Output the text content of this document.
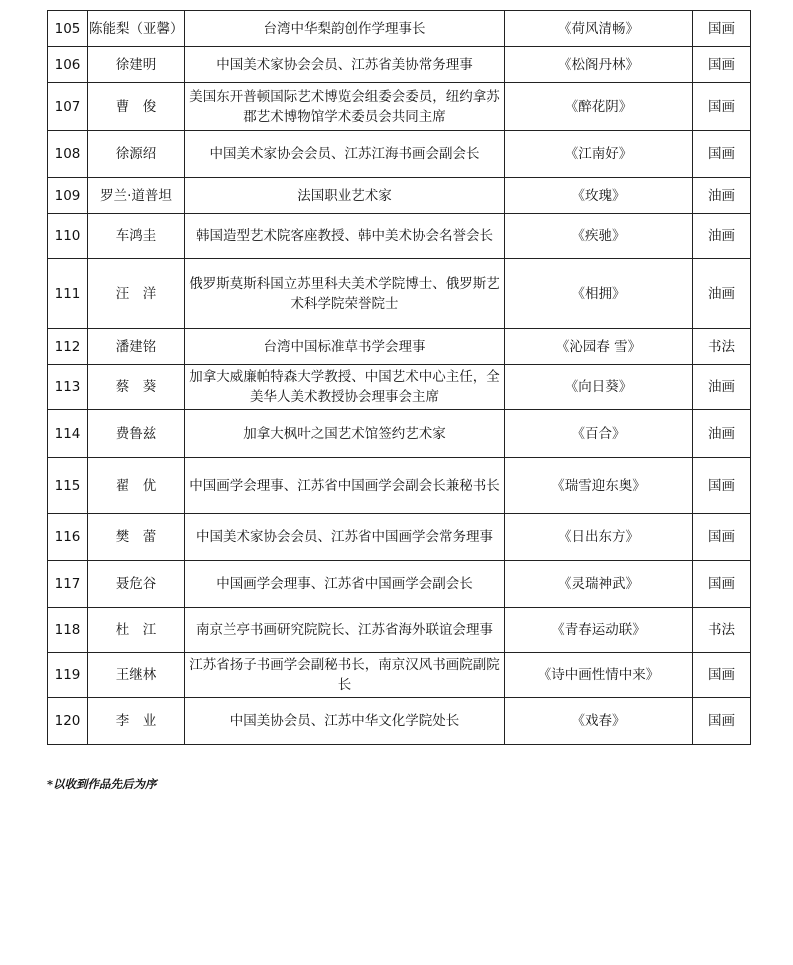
105	陈能梨（亚馨）	台湾中华梨韵创作学理事长	《荷风清畅》	国画
106	徐建明	中国美术家协会会员、江苏省美协常务理事	《松阁丹林》	国画
107	曹　俊	美国东开普顿国际艺术博览会组委会委员，纽约拿苏郡艺术博物馆学术委员会共同主席	《醉花阴》	国画
108	徐源绍	中国美术家协会会员、江苏江海书画会副会长	《江南好》	国画
109	罗兰·道普坦	法国职业艺术家	《玫瑰》	油画
110	车鸿圭	韩国造型艺术院客座教授、韩中美术协会名誉会长	《疾驰》	油画
111	汪　洋	俄罗斯莫斯科国立苏里科夫美术学院博士、俄罗斯艺术科学院荣誉院士	《相拥》	油画
112	潘建铭	台湾中国标准草书学会理事	《沁园春 雪》	书法
113	蔡　葵	加拿大威廉帕特森大学教授、中国艺术中心主任，全美华人美术教授协会理事会主席	《向日葵》	油画
114	费鲁兹	加拿大枫叶之国艺术馆签约艺术家	《百合》	油画
115	翟　优	中国画学会理事、江苏省中国画学会副会长兼秘书长	《瑞雪迎东奥》	国画
116	樊　蕾	中国美术家协会会员、江苏省中国画学会常务理事	《日出东方》	国画
117	聂危谷	中国画学会理事、江苏省中国画学会副会长	《灵瑞神武》	国画
118	杜　江	南京兰亭书画研究院院长、江苏省海外联谊会理事	《青春运动联》	书法
119	王继林	江苏省扬子书画学会副秘书长，南京汉风书画院副院长	《诗中画性情中来》	国画
120	李　业	中国美协会员、江苏中华文化学院处长	《戏春》	国画
*以收到作品先后为序
